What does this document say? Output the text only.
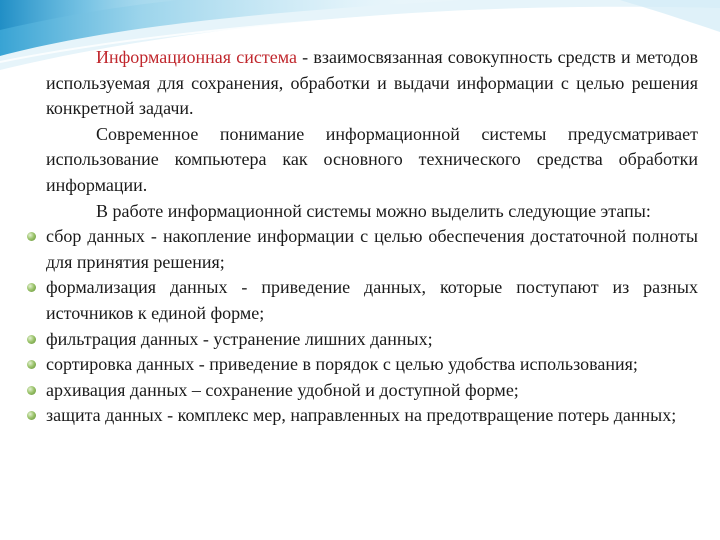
Информационная система - взаимосвязанная совокупность средств и методов используемая для сохранения, обработки и выдачи информации с целью решения конкретной задачи.

Современное понимание информационной системы предусматривает использование компьютера как основного технического средства обработки информации.

В работе информационной системы можно выделить следующие этапы:

сбор данных - накопление информации с целью обеспечения достаточной полноты для принятия решения;
формализация данных - приведение данных, которые поступают из разных источников к единой форме;
фильтрация данных - устранение лишних данных;
сортировка данных - приведение в порядок с целью удобства использования;
архивация данных – сохранение удобной и доступной форме;
защита данных - комплекс мер, направленных на предотвращение потерь данных;
